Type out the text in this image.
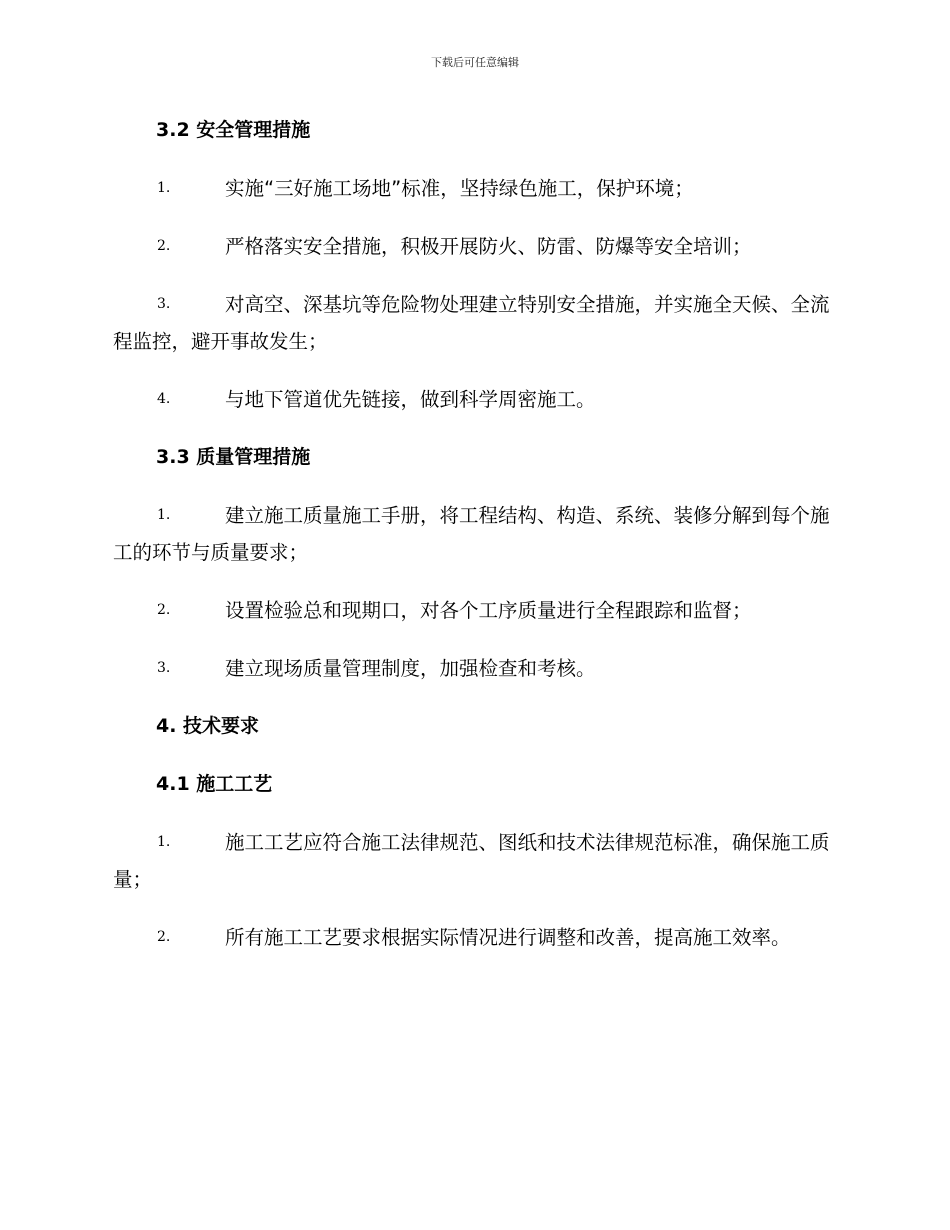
下载后可任意编辑
3.2 安全管理措施
1.	实施“三好施工场地”标准，坚持绿色施工，保护环境；
2.	严格落实安全措施，积极开展防火、防雷、防爆等安全培训；
3.	对高空、深基坑等危险物处理建立特别安全措施，并实施全天候、全流程监控，避开事故发生；
4.	与地下管道优先链接，做到科学周密施工。
3.3 质量管理措施
1.	建立施工质量施工手册，将工程结构、构造、系统、装修分解到每个施工的环节与质量要求；
2.	设置检验总和现期口，对各个工序质量进行全程跟踪和监督；
3.	建立现场质量管理制度，加强检查和考核。
4. 技术要求
4.1 施工工艺
1.	施工工艺应符合施工法律规范、图纸和技术法律规范标准，确保施工质量；
2.	所有施工工艺要求根据实际情况进行调整和改善，提高施工效率。
